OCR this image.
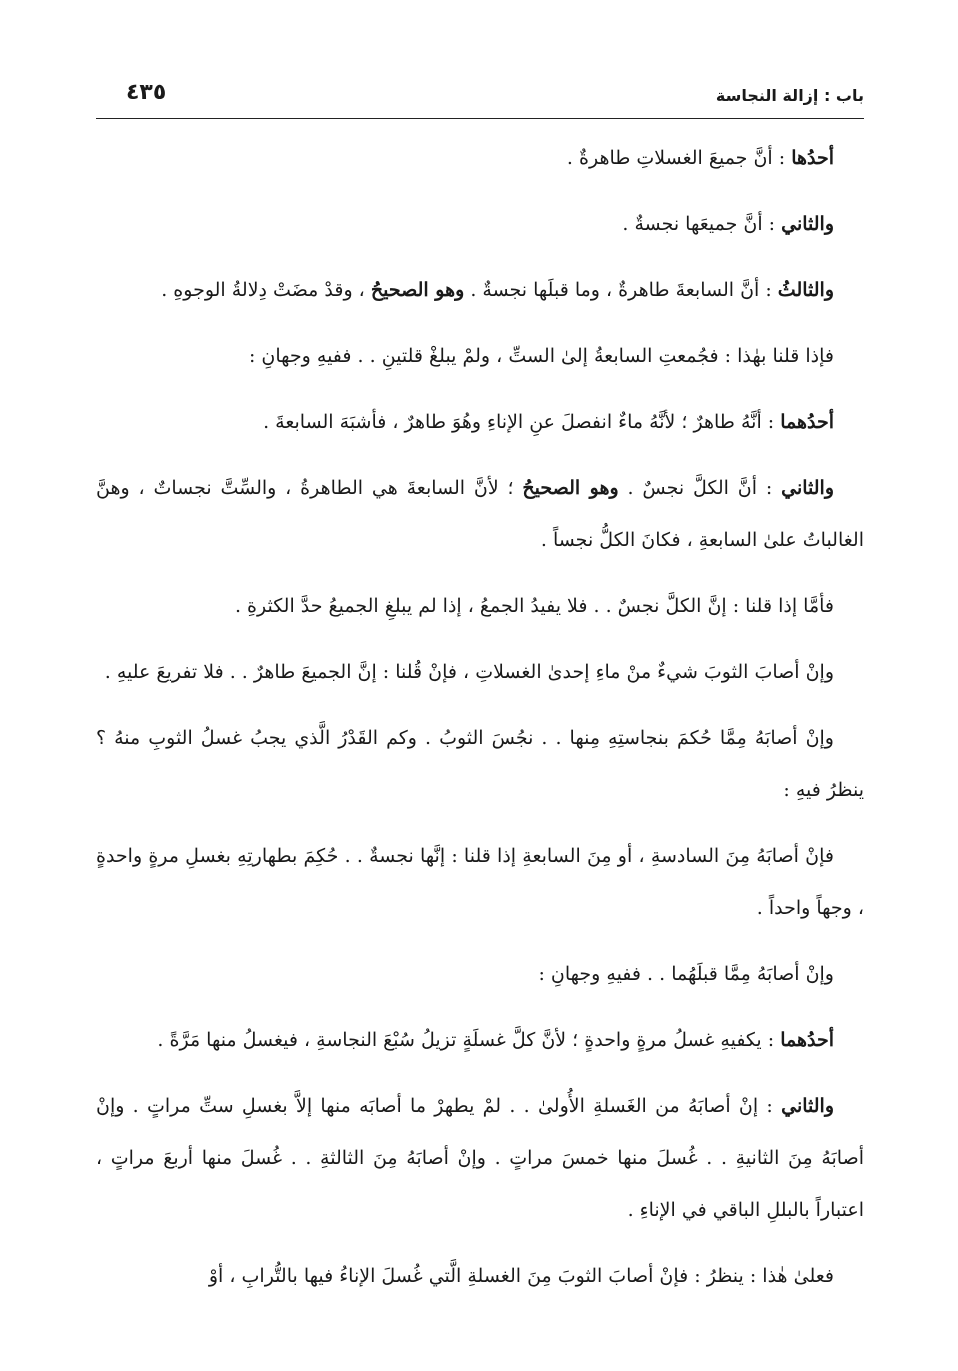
باب : إزالة النجاسة
٤٣٥

أحدُها : أنَّ جميعَ الغسلاتِ طاهرةٌ .

والثاني : أنَّ جميعَها نجسةٌ .

والثالثُ : أنَّ السابعةَ طاهرةٌ ، وما قبلَها نجسةٌ . وهو الصحيحُ ، وقدْ مضَتْ دِلالةُ الوجوهِ .

فإذا قلنا بهٰذا : فجُمعتِ السابعةُ إلىٰ الستِّ ، ولمْ يبلغْ قلتينِ . . ففيهِ وجهانِ :

أحدُهما : أنَّهُ طاهرٌ ؛ لأنَّهُ ماءٌ انفصلَ عنِ الإناءِ وهُوَ طاهرٌ ، فأشبَهَ السابعةَ .

والثاني : أنَّ الكلَّ نجسٌ . وهو الصحيحُ ؛ لأنَّ السابعةَ هي الطاهرةُ ، والسِّتَّ نجساتٌ ، وهنَّ الغالباتُ علىٰ السابعةِ ، فكانَ الكلُّ نجساً .

فأمَّا إذا قلنا : إنَّ الكلَّ نجسٌ . . فلا يفيدُ الجمعُ ، إذا لم يبلغِ الجميعُ حدَّ الكثرةِ .

وإنْ أصابَ الثوبَ شيءٌ منْ ماءِ إحدىٰ الغسلاتِ ، فإنْ قُلنا : إنَّ الجميعَ طاهرٌ . . فلا تفريعَ عليهِ .

وإنْ أصابَهُ مِمَّا حُكمَ بنجاستِهِ مِنها . . نجُسَ الثوبُ . وكم القَدْرُ الَّذي يجبُ غسلُ الثوبِ منهُ ؟ ينظرُ فيهِ :

فإنْ أصابَهُ مِنَ السادسةِ ، أو مِنَ السابعةِ إذا قلنا : إنَّها نجسةٌ . . حُكِمَ بطهارتِهِ بغسلِ مرةٍ واحدةٍ ، وجهاً واحداً .

وإنْ أصابَهُ مِمَّا قبلَهُما . . ففيهِ وجهانِ :

أحدُهما : يكفيهِ غسلُ مرةٍ واحدةٍ ؛ لأنَّ كلَّ غسلَةٍ تزيلُ سُبْعَ النجاسةِ ، فيغسلُ منها مَرَّةً .

والثاني : إنْ أصابَهُ من الغَسلةِ الأُولىٰ . . لمْ يطهرْ ما أصابَه منها إلاَّ بغسلِ ستِّ مراتٍ . وإنْ أصابَهُ مِنَ الثانيةِ . . غُسلَ منها خمسَ مراتٍ . وإنْ أصابَهُ مِنَ الثالثةِ . . غُسلَ منها أربعَ مراتٍ ، اعتباراً بالبللِ الباقي في الإناءِ .

فعلىٰ هٰذا : ينظرُ : فإنْ أصابَ الثوبَ مِنَ الغسلةِ الَّتي غُسلَ الإناءُ فيها بالتُّرابِ ، أوْ
